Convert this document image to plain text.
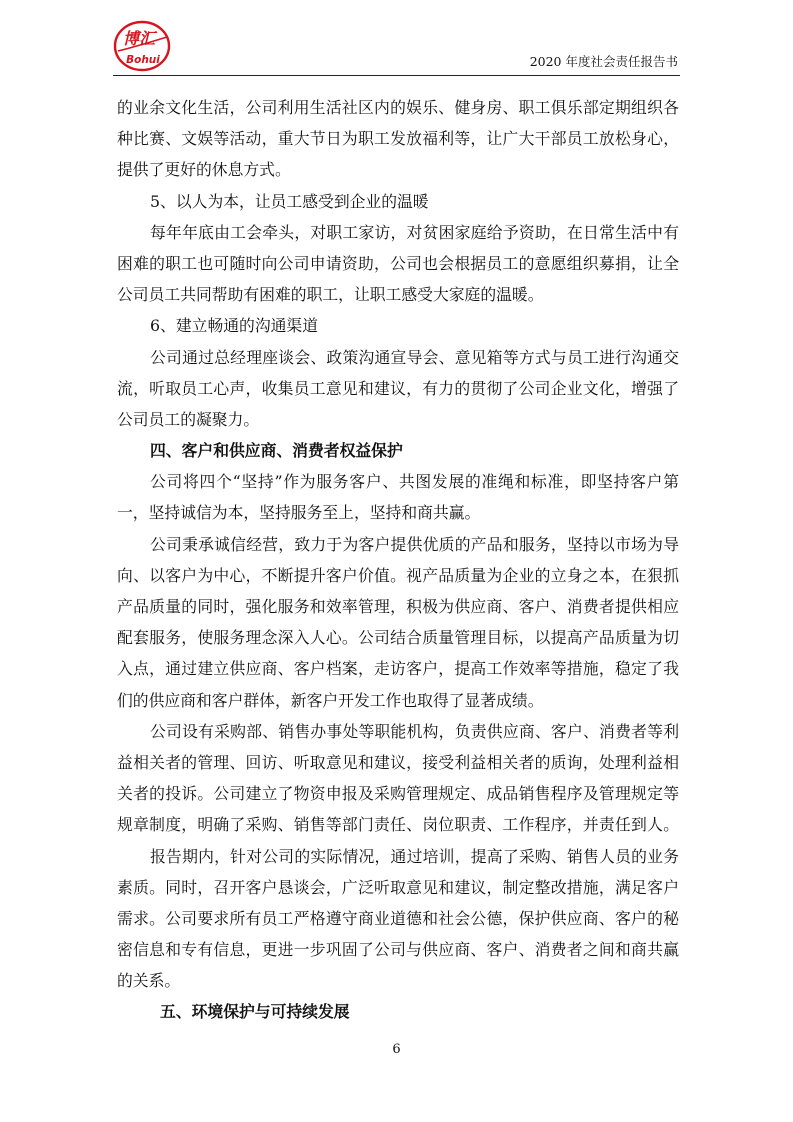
博汇
Bohui	2020 年度社会责任报告书
的业余文化生活，公司利用生活社区内的娱乐、健身房、职工俱乐部定期组织各
种比赛、文娱等活动，重大节日为职工发放福利等，让广大干部员工放松身心，
提供了更好的休息方式。
5、以人为本，让员工感受到企业的温暖
每年年底由工会牵头，对职工家访，对贫困家庭给予资助，在日常生活中有
困难的职工也可随时向公司申请资助，公司也会根据员工的意愿组织募捐，让全
公司员工共同帮助有困难的职工，让职工感受大家庭的温暖。
6、建立畅通的沟通渠道
公司通过总经理座谈会、政策沟通宣导会、意见箱等方式与员工进行沟通交
流，听取员工心声，收集员工意见和建议，有力的贯彻了公司企业文化，增强了
公司员工的凝聚力。
四、客户和供应商、消费者权益保护
公司将四个“坚持”作为服务客户、共图发展的准绳和标准，即坚持客户第
一，坚持诚信为本，坚持服务至上，坚持和商共赢。
公司秉承诚信经营，致力于为客户提供优质的产品和服务，坚持以市场为导
向、以客户为中心，不断提升客户价值。视产品质量为企业的立身之本，在狠抓
产品质量的同时，强化服务和效率管理，积极为供应商、客户、消费者提供相应
配套服务，使服务理念深入人心。公司结合质量管理目标，以提高产品质量为切
入点，通过建立供应商、客户档案，走访客户，提高工作效率等措施，稳定了我
们的供应商和客户群体，新客户开发工作也取得了显著成绩。
公司设有采购部、销售办事处等职能机构，负责供应商、客户、消费者等利
益相关者的管理、回访、听取意见和建议，接受利益相关者的质询，处理利益相
关者的投诉。公司建立了物资申报及采购管理规定、成品销售程序及管理规定等
规章制度，明确了采购、销售等部门责任、岗位职责、工作程序，并责任到人。
报告期内，针对公司的实际情况，通过培训，提高了采购、销售人员的业务
素质。同时，召开客户恳谈会，广泛听取意见和建议，制定整改措施，满足客户
需求。公司要求所有员工严格遵守商业道德和社会公德，保护供应商、客户的秘
密信息和专有信息，更进一步巩固了公司与供应商、客户、消费者之间和商共赢
的关系。
五、环境保护与可持续发展
6
